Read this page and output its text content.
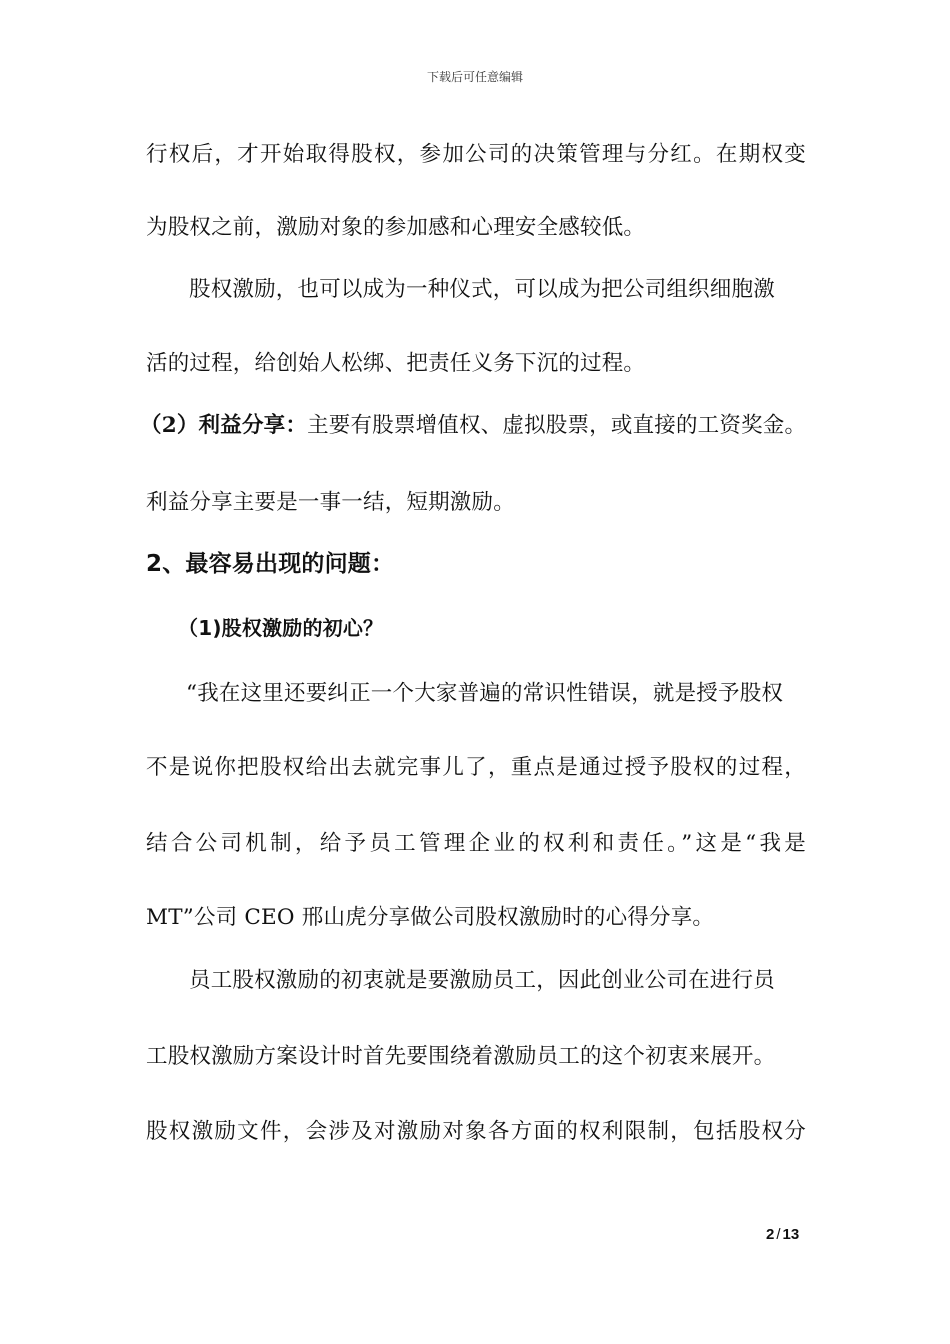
下载后可任意编辑
行权后，才开始取得股权，参加公司的决策管理与分红。在期权变
为股权之前，激励对象的参加感和心理安全感较低。
股权激励，也可以成为一种仪式，可以成为把公司组织细胞激
活的过程，给创始人松绑、把责任义务下沉的过程。
（2）利益分享：主要有股票增值权、虚拟股票，或直接的工资奖金。
利益分享主要是一事一结，短期激励。
2、最容易出现的问题：
（1)股权激励的初心？
“我在这里还要纠正一个大家普遍的常识性错误，就是授予股权
不是说你把股权给出去就完事儿了，重点是通过授予股权的过程，
结合公司机制，给予员工管理企业的权利和责任。”这是“我是
MT”公司 CEO 邢山虎分享做公司股权激励时的心得分享。
员工股权激励的初衷就是要激励员工，因此创业公司在进行员
工股权激励方案设计时首先要围绕着激励员工的这个初衷来展开。
股权激励文件，会涉及对激励对象各方面的权利限制，包括股权分
2 / 13
